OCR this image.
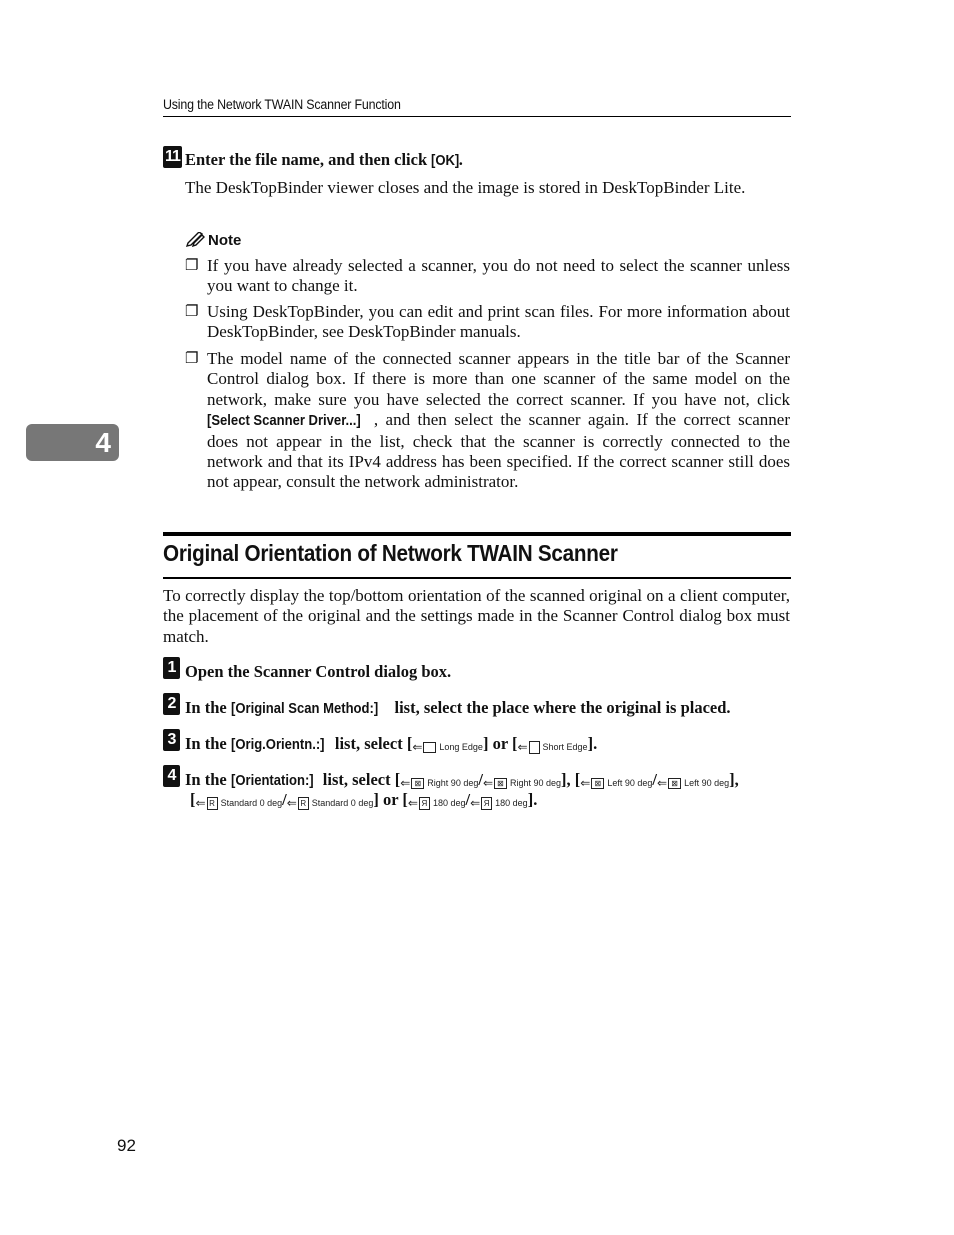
Using the Network TWAIN Scanner Function
11 Enter the file name, and then click [OK].
The DeskTopBinder viewer closes and the image is stored in DeskTopBinder Lite.
Note
❐ If you have already selected a scanner, you do not need to select the scanner unless you want to change it.
❐ Using DeskTopBinder, you can edit and print scan files. For more information about DeskTopBinder, see DeskTopBinder manuals.
❐ The model name of the connected scanner appears in the title bar of the Scanner Control dialog box. If there is more than one scanner of the same model on the network, make sure you have selected the correct scanner. If you have not, click [Select Scanner Driver...] , and then select the scanner again. If the correct scanner does not appear in the list, check that the scanner is correctly connected to the network and that its IPv4 address has been specified. If the correct scanner still does not appear, consult the network administrator.
4
Original Orientation of Network TWAIN Scanner
To correctly display the top/bottom orientation of the scanned original on a client computer, the placement of the original and the settings made in the Scanner Control dialog box must match.
1 Open the Scanner Control dialog box.
2 In the [Original Scan Method:] list, select the place where the original is placed.
3 In the [Orig.Orientn.:] list, select [ ⇐ Long Edge ] or [ ⇐ Short Edge ].
4 In the [Orientation:] list, select [ ⇐ ⊠ Right 90 deg / ⇐ ⊠ Right 90 deg ], [ ⇐ ⊠ Left 90 deg / ⇐ ⊠ Left 90 deg ],
[ ⇐ R Standard 0 deg / ⇐ R Standard 0 deg ] or [ ⇐ Я 180 deg / ⇐ Я 180 deg ].
92
